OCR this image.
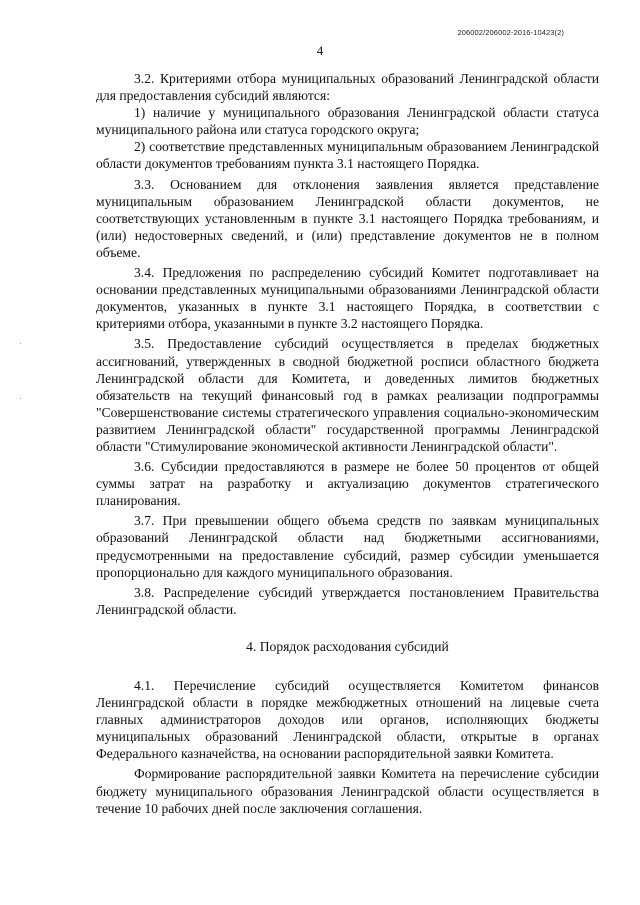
206002/206002-2016-10423(2)
4

3.2. Критериями отбора муниципальных образований Ленинградской области для предоставления субсидий являются:

1) наличие у муниципального образования Ленинградской области статуса муниципального района или статуса городского округа;

2) соответствие представленных муниципальным образованием Ленинградской области документов требованиям пункта 3.1 настоящего Порядка.

3.3. Основанием для отклонения заявления является представление муниципальным образованием Ленинградской области документов, не соответствующих установленным в пункте 3.1 настоящего Порядка требованиям, и (или) недостоверных сведений, и (или) представление документов не в полном объеме.

3.4. Предложения по распределению субсидий Комитет подготавливает на основании представленных муниципальными образованиями Ленинградской области документов, указанных в пункте 3.1 настоящего Порядка, в соответствии с критериями отбора, указанными в пункте 3.2 настоящего Порядка.

3.5. Предоставление субсидий осуществляется в пределах бюджетных ассигнований, утвержденных в сводной бюджетной росписи областного бюджета Ленинградской области для Комитета, и доведенных лимитов бюджетных обязательств на текущий финансовый год в рамках реализации подпрограммы "Совершенствование системы стратегического управления социально-экономическим развитием Ленинградской области" государственной программы Ленинградской области "Стимулирование экономической активности Ленинградской области".

3.6. Субсидии предоставляются в размере не более 50 процентов от общей суммы затрат на разработку и актуализацию документов стратегического планирования.

3.7. При превышении общего объема средств по заявкам муниципальных образований Ленинградской области над бюджетными ассигнованиями, предусмотренными на предоставление субсидий, размер субсидии уменьшается пропорционально для каждого муниципального образования.

3.8. Распределение субсидий утверждается постановлением Правительства Ленинградской области.

4. Порядок расходования субсидий

4.1. Перечисление субсидий осуществляется Комитетом финансов Ленинградской области в порядке межбюджетных отношений на лицевые счета главных администраторов доходов или органов, исполняющих бюджеты муниципальных образований Ленинградской области, открытые в органах Федерального казначейства, на основании распорядительной заявки Комитета.

Формирование распорядительной заявки Комитета на перечисление субсидии бюджету муниципального образования Ленинградской области осуществляется в течение 10 рабочих дней после заключения соглашения.
